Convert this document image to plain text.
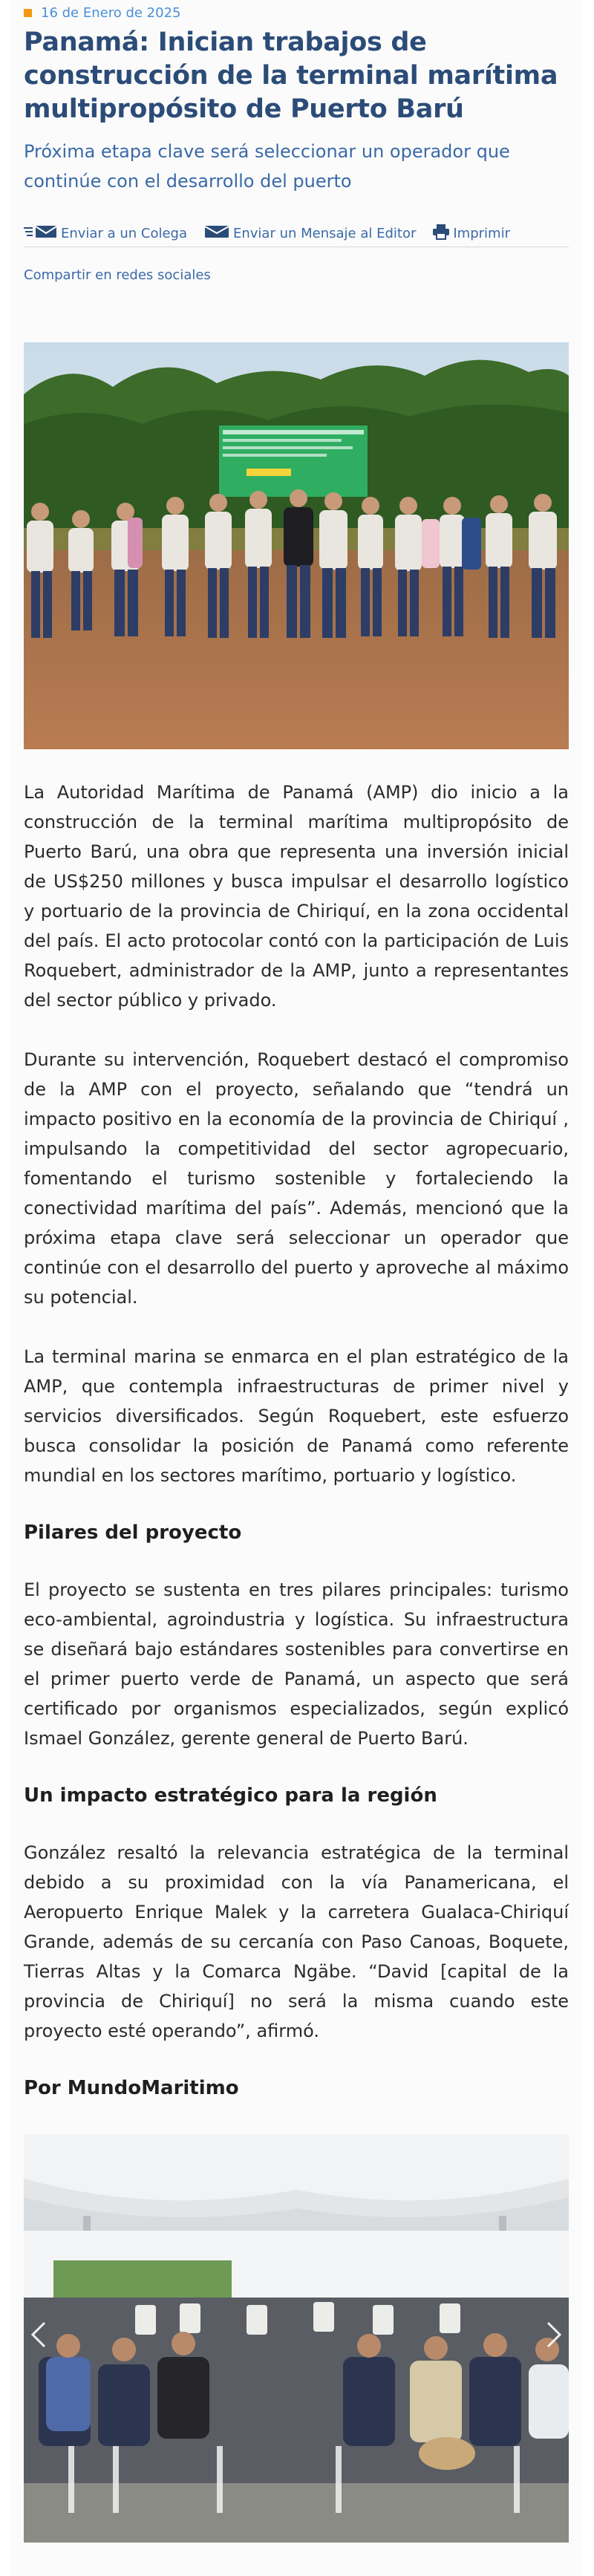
16 de Enero de 2025
Panamá: Inician trabajos de construcción de la terminal marítima multipropósito de Puerto Barú
Próxima etapa clave será seleccionar un operador que continúe con el desarrollo del puerto
Enviar a un Colega	Enviar un Mensaje al Editor	Imprimir
Compartir en redes sociales
La Autoridad Marítima de Panamá (AMP) dio inicio a la construcción de la terminal marítima multipropósito de Puerto Barú, una obra que representa una inversión inicial de US$250 millones y busca impulsar el desarrollo logístico y portuario de la provincia de Chiriquí, en la zona occidental del país. El acto protocolar contó con la participación de Luis Roquebert, administrador de la AMP, junto a representantes del sector público y privado.
Durante su intervención, Roquebert destacó el compromiso de la AMP con el proyecto, señalando que “tendrá un impacto positivo en la economía de la provincia de Chiriquí , impulsando la competitividad del sector agropecuario, fomentando el turismo sostenible y fortaleciendo la conectividad marítima del país”. Además, mencionó que la próxima etapa clave será seleccionar un operador que continúe con el desarrollo del puerto y aproveche al máximo su potencial.
La terminal marina se enmarca en el plan estratégico de la AMP, que contempla infraestructuras de primer nivel y servicios diversificados. Según Roquebert, este esfuerzo busca consolidar la posición de Panamá como referente mundial en los sectores marítimo, portuario y logístico.
Pilares del proyecto
El proyecto se sustenta en tres pilares principales: turismo eco-ambiental, agroindustria y logística. Su infraestructura se diseñará bajo estándares sostenibles para convertirse en el primer puerto verde de Panamá, un aspecto que será certificado por organismos especializados, según explicó Ismael González, gerente general de Puerto Barú.
Un impacto estratégico para la región
González resaltó la relevancia estratégica de la terminal debido a su proximidad con la vía Panamericana, el Aeropuerto Enrique Malek y la carretera Gualaca-Chiriquí Grande, además de su cercanía con Paso Canoas, Boquete, Tierras Altas y la Comarca Ngäbe. “David [capital de la provincia de Chiriquí] no será la misma cuando este proyecto esté operando”, afirmó.
Por MundoMaritimo
